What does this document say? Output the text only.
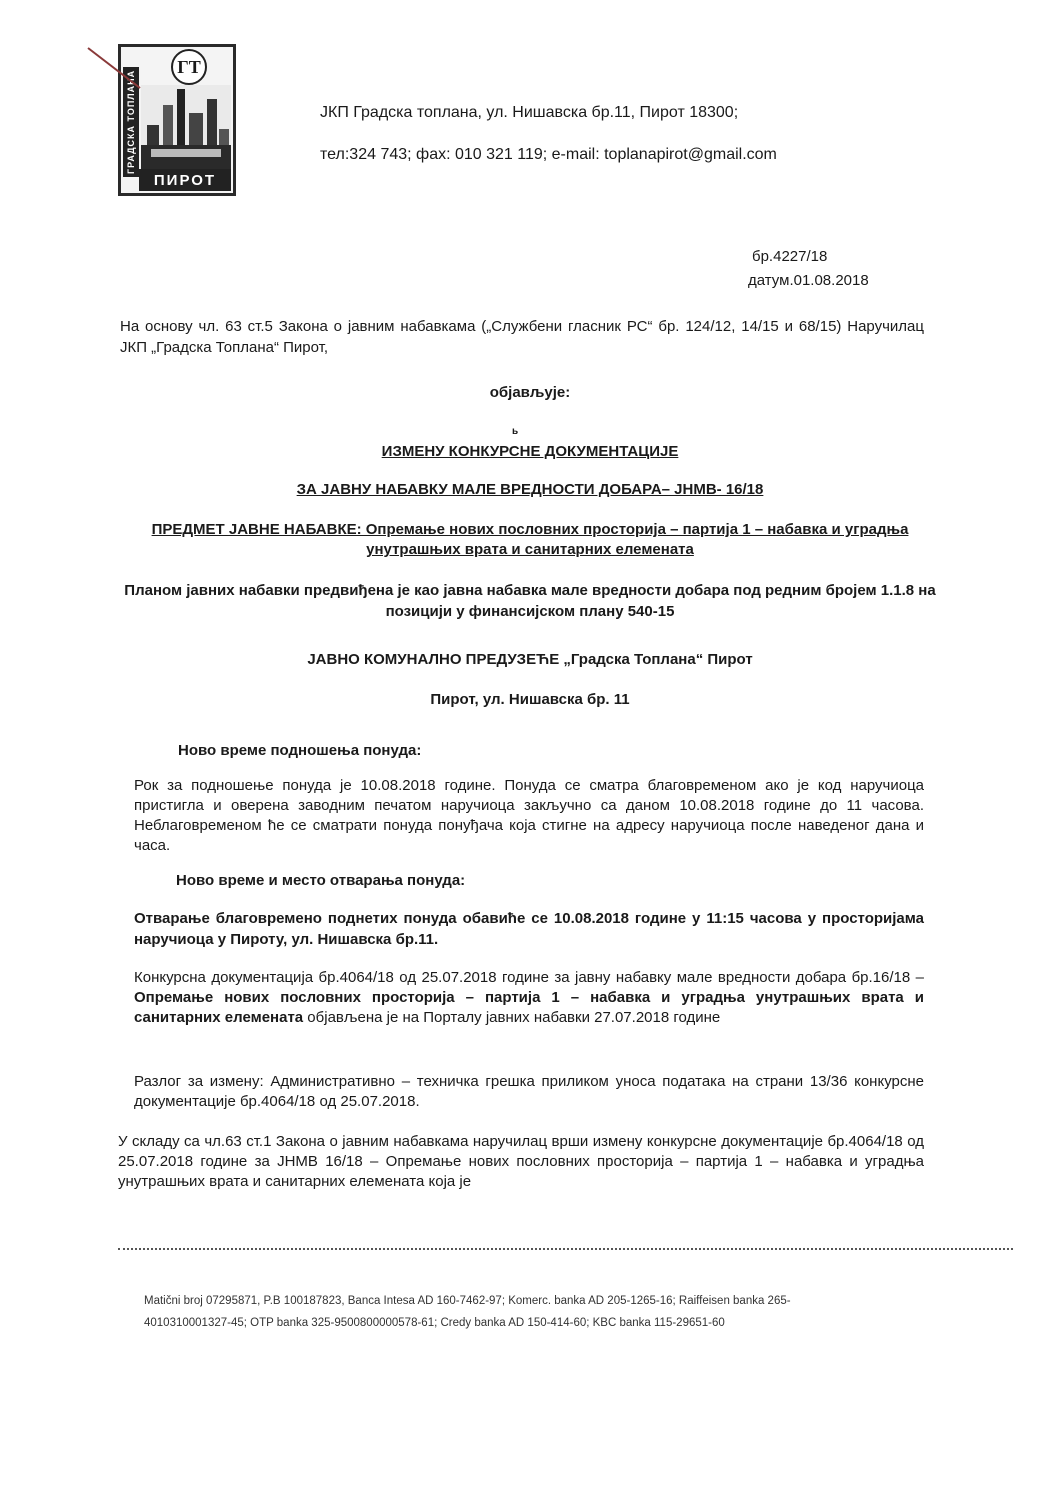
ГРАДСКА ТОПЛАНА
ГТ
ПИРОТ
ЈКП Градска топлана, ул. Нишавска бр.11, Пирот 18300;
тел:324 743; фах: 010 321 119; e-mail: toplanapirot@gmail.com
бр.4227/18
датум.01.08.2018
На основу чл. 63 ст.5 Закона о јавним набавкама („Службени гласник РС“ бр. 124/12, 14/15 и 68/15) Наручилац ЈКП „Градска Топлана“ Пирот,
објављује:
ь
ИЗМЕНУ КОНКУРСНЕ ДОКУМЕНТАЦИЈЕ
ЗА ЈАВНУ НАБАВКУ МАЛЕ ВРЕДНОСТИ ДОБАРА– ЈНМВ- 16/18
ПРЕДМЕТ ЈАВНЕ НАБАВКЕ: Опремање нових пословних просторија – партија 1 – набавка и уградња унутрашњих врата и санитарних елемената
Планом јавних набавки предвиђена је као јавна набавка мале вредности добара под редним бројем 1.1.8 на позицији у финансијском плану 540-15
ЈАВНО КОМУНАЛНО ПРЕДУЗЕЋЕ „Градска Топлана“ Пирот
Пирот, ул. Нишавска бр. 11
Ново време подношења понуда:
Рок за подношење понуда је 10.08.2018 године. Понуда се сматра благовременом ако је код наручиоца пристигла и оверена заводним печатом наручиоца закључно са даном 10.08.2018 године до 11 часова. Неблаговременом ће се сматрати понуда понуђача која стигне на адресу наручиоца после наведеног дана и часа.
Ново време и место отварања понуда:
Отварање благовремено поднетих понуда обавиће се 10.08.2018 године у 11:15 часова у просторијама наручиоца у Пироту, ул. Нишавска бр.11.
Конкурсна документација бр.4064/18 од 25.07.2018 године за јавну набавку мале вредности добара бр.16/18 – Опремање нових пословних просторија – партија 1 – набавка и уградња унутрашњих врата и санитарних елемената објављена је на Порталу јавних набавки 27.07.2018 године
Разлог за измену: Административно – техничка грешка приликом уноса података на страни 13/36 конкурсне документације бр.4064/18 од 25.07.2018.
У складу са чл.63 ст.1 Закона о јавним набавкама наручилац врши измену конкурсне документације бр.4064/18 од 25.07.2018 године за ЈНМВ 16/18 – Опремање нових пословних просторија – партија 1 – набавка и уградња унутрашњих врата и санитарних елемената која је
Matični broj 07295871, P.B 100187823, Banca Intesa AD 160-7462-97; Komerc. banka AD 205-1265-16; Raiffeisen banka 265-
4010310001327-45; OTP banka 325-9500800000578-61; Credy banka AD 150-414-60; KBC banka 115-29651-60
